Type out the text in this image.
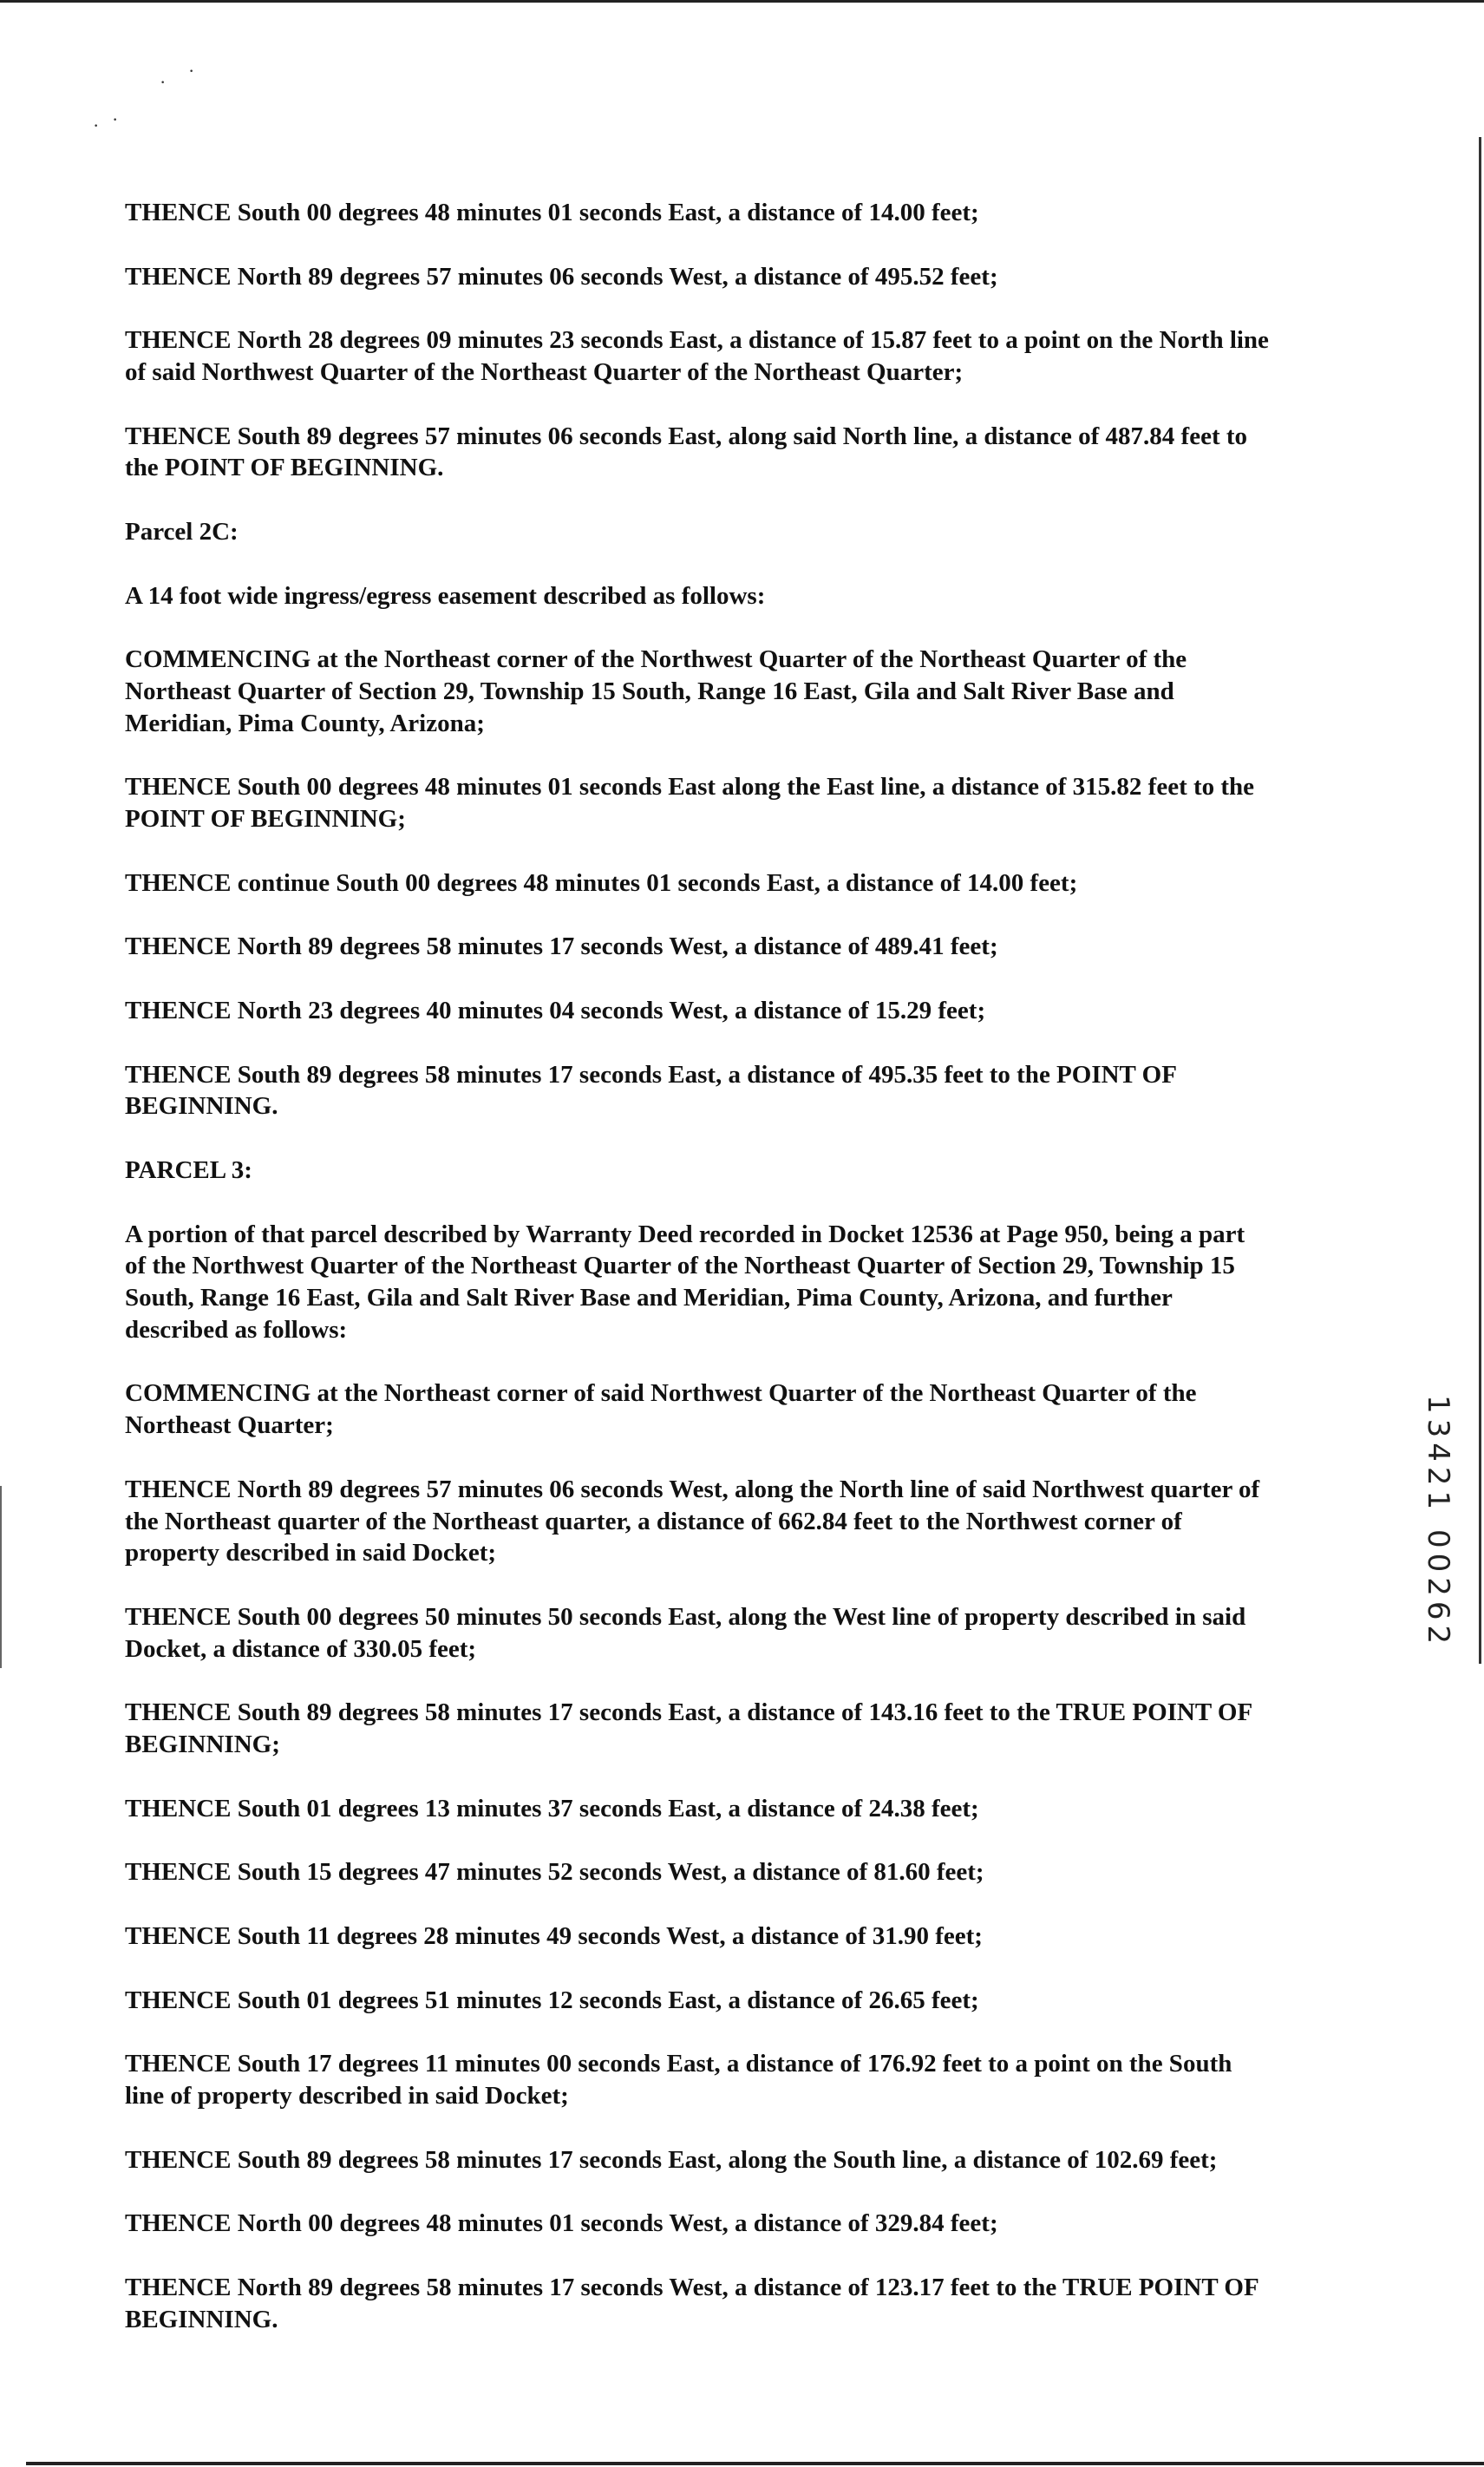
·
·
· ·

THENCE South 00 degrees 48 minutes 01 seconds East, a distance of 14.00 feet;

THENCE North 89 degrees 57 minutes 06 seconds West, a distance of 495.52 feet;

THENCE North 28 degrees 09 minutes 23 seconds East, a distance of 15.87 feet to a point on the North line
of said Northwest Quarter of the Northeast Quarter of the Northeast Quarter;

THENCE South 89 degrees 57 minutes 06 seconds East, along said North line, a distance of 487.84 feet to
the POINT OF BEGINNING.

Parcel 2C:

A 14 foot wide ingress/egress easement described as follows:

COMMENCING at the Northeast corner of the Northwest Quarter of the Northeast Quarter of the
Northeast Quarter of Section 29, Township 15 South, Range 16 East, Gila and Salt River Base and
Meridian, Pima County, Arizona;

THENCE South 00 degrees 48 minutes 01 seconds East along the East line, a distance of 315.82 feet to the
POINT OF BEGINNING;

THENCE continue South 00 degrees 48 minutes 01 seconds East, a distance of 14.00 feet;

THENCE North 89 degrees 58 minutes 17 seconds West, a distance of 489.41 feet;

THENCE North 23 degrees 40 minutes 04 seconds West, a distance of 15.29 feet;

THENCE South 89 degrees 58 minutes 17 seconds East, a distance of 495.35 feet to the POINT OF
BEGINNING.

PARCEL 3:

A portion of that parcel described by Warranty Deed recorded in Docket 12536 at Page 950, being a part
of the Northwest Quarter of the Northeast Quarter of the Northeast Quarter of Section 29, Township 15
South, Range 16 East, Gila and Salt River Base and Meridian, Pima County, Arizona, and further
described as follows:

COMMENCING at the Northeast corner of said Northwest Quarter of the Northeast Quarter of the
Northeast Quarter;

THENCE North 89 degrees 57 minutes 06 seconds West, along the North line of said Northwest quarter of
the Northeast quarter of the Northeast quarter, a distance of 662.84 feet to the Northwest corner of
property described in said Docket;

THENCE South 00 degrees 50 minutes 50 seconds East, along the West line of property described in said
Docket, a distance of 330.05 feet;

THENCE South 89 degrees 58 minutes 17 seconds East, a distance of 143.16 feet to the TRUE POINT OF
BEGINNING;

THENCE South 01 degrees 13 minutes 37 seconds East, a distance of 24.38 feet;

THENCE South 15 degrees 47 minutes 52 seconds West, a distance of 81.60 feet;

THENCE South 11 degrees 28 minutes 49 seconds West, a distance of 31.90 feet;

THENCE South 01 degrees 51 minutes 12 seconds East, a distance of 26.65 feet;

THENCE South 17 degrees 11 minutes 00 seconds East, a distance of 176.92 feet to a point on the South
line of property described in said Docket;

THENCE South 89 degrees 58 minutes 17 seconds East, along the South line, a distance of 102.69 feet;

THENCE North 00 degrees 48 minutes 01 seconds West, a distance of 329.84 feet;

THENCE North 89 degrees 58 minutes 17 seconds West, a distance of 123.17 feet to the TRUE POINT OF
BEGINNING.

13421 00262
